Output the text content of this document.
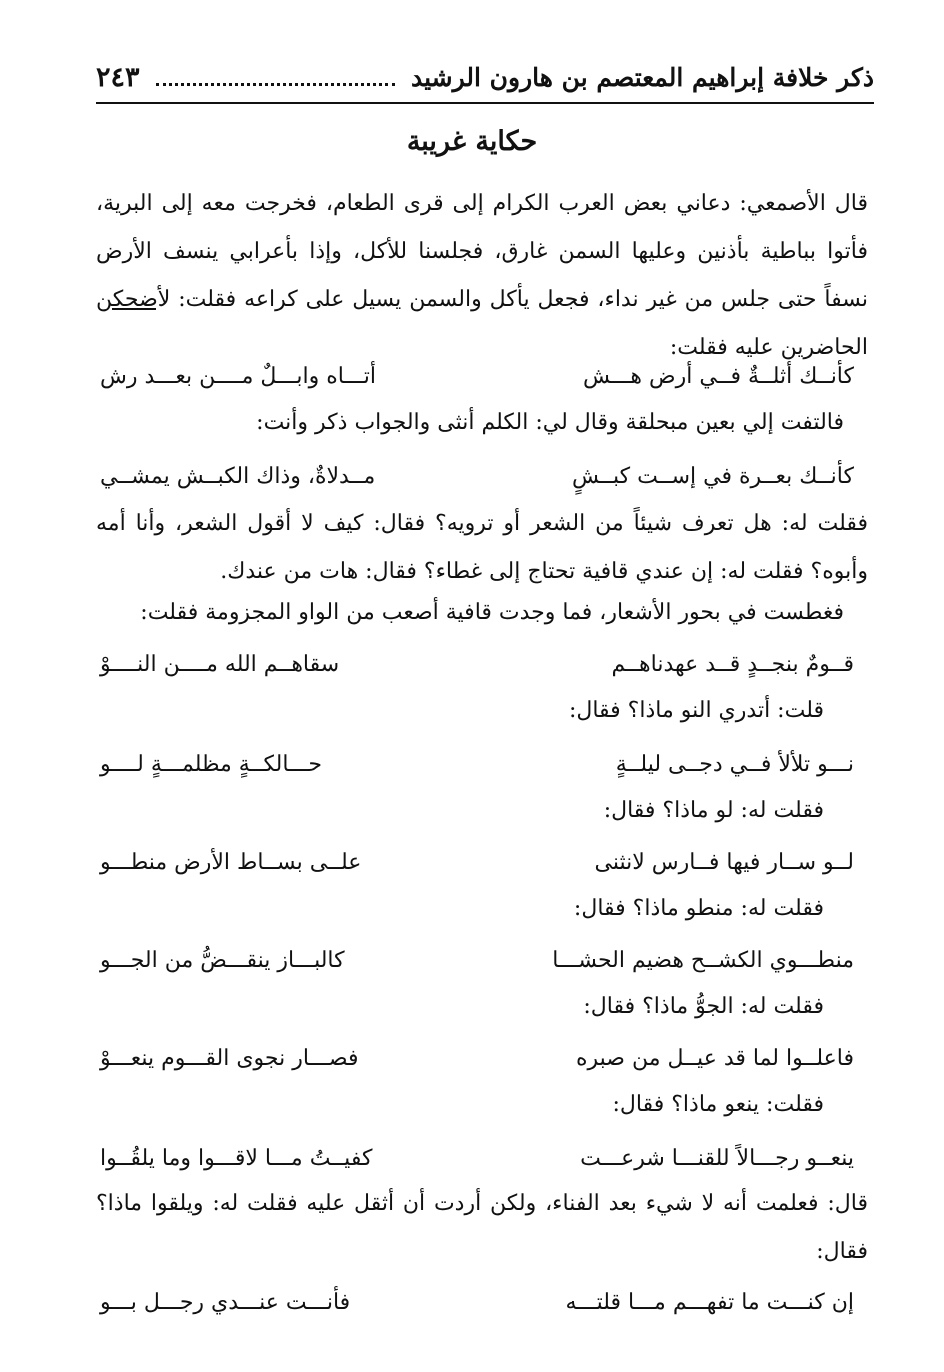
ذكر خلافة إبراهيم المعتصم بن هارون الرشيد
٢٤٣
حكاية غريبة
قال الأصمعي: دعاني بعض العرب الكرام إلى قرى الطعام، فخرجت معه إلى البرية، فأتوا بباطية بأذنين وعليها السمن غارق، فجلسنا للأكل، وإذا بأعرابي ينسف الأرض نسفاً حتى جلس من غير نداء، فجعل يأكل والسمن يسيل على كراعه فقلت: لأضحكن الحاضرين عليه فقلت:
كأنــك أثلــةٌ فــي أرض هـــش
أتـــاه وابـــلٌ مــــن بعـــد رش
فالتفت إلي بعين مبحلقة وقال لي: الكلم أنثى والجواب ذكر وأنت:
كأنــك بعــرة في إســت كبــشٍ
مــدلاةٌ، وذاك الكبــش يمشــي
فقلت له: هل تعرف شيئاً من الشعر أو ترويه؟ فقال: كيف لا أقول الشعر، وأنا أمه وأبوه؟ فقلت له: إن عندي قافية تحتاج إلى غطاء؟ فقال: هات من عندك.
فغطست في بحور الأشعار، فما وجدت قافية أصعب من الواو المجزومة فقلت:
قــومٌ بنجــدٍ قــد عهدناهــم
سقاهــم الله مــــن النــــوْ
قلت: أتدري النو ماذا؟ فقال:
نـــو تلألأ فــي دجــى ليلــةٍ
حـــالكــةٍ مظلمـــةٍ لــــو
فقلت له: لو ماذا؟ فقال:
لــو ســار فيها فــارس لانثنى
علــى بســاط الأرض منطـــو
فقلت له: منطو ماذا؟ فقال:
منطـــوي الكشــح هضيم الحشـــا
كالبـــاز ينقـــضُّ من الجـــو
فقلت له: الجوُّ ماذا؟ فقال:
فاعلــوا لما قد عيــل من صبره
فصـــار نجوى القـــوم ينعـــوْ
فقلت: ينعو ماذا؟ فقال:
ينعــو رجـــالاً للقنـــا شرعـــت
كفيــتُ مـــا لاقـــوا وما يلقُــوا
قال: فعلمت أنه لا شيء بعد الفناء، ولكن أردت أن أثقل عليه فقلت له: ويلقوا ماذا؟ فقال:
إن كنـــت ما تفهـــم مـــا قلتـــه
فأنـــت عنـــدي رجـــل بـــو
